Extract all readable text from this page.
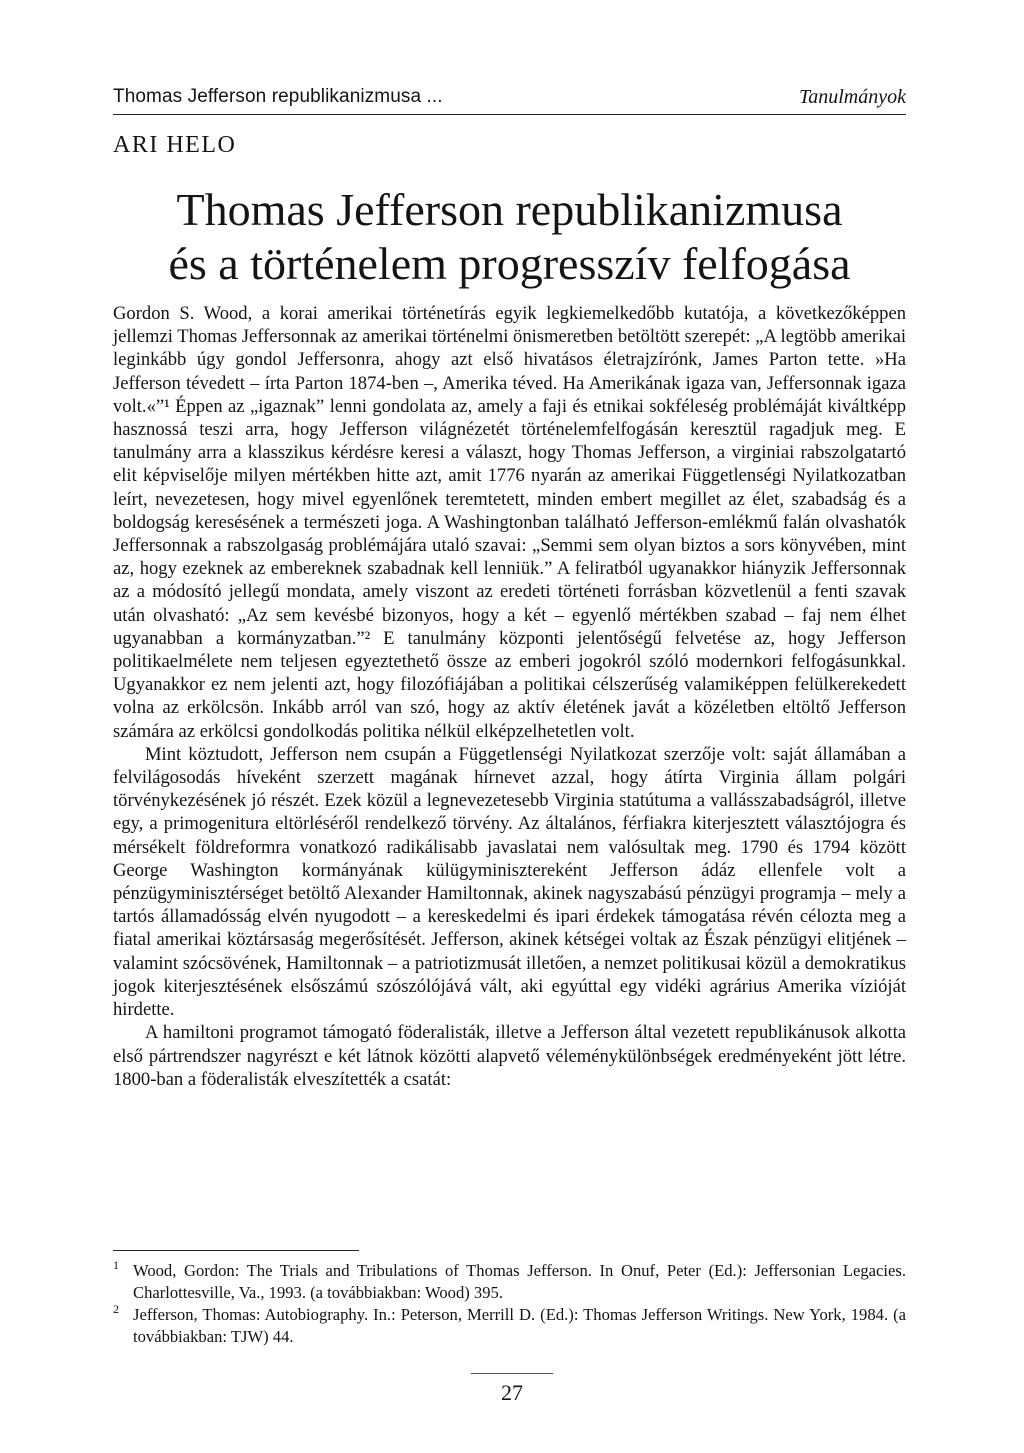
Thomas Jefferson republikanizmusa ...	Tanulmányok
ARI HELO
Thomas Jefferson republikanizmusa
és a történelem progresszív felfogása

Gordon S. Wood, a korai amerikai történetírás egyik legkiemelkedőbb kutatója, a következőképpen jellemzi Thomas Jeffersonnak az amerikai történelmi önismeretben betöltött szerepét: „A legtöbb amerikai leginkább úgy gondol Jeffersonra, ahogy azt első hivatásos életrajzírónk, James Parton tette. »Ha Jefferson tévedett – írta Parton 1874-ben –, Amerika téved. Ha Amerikának igaza van, Jeffersonnak igaza volt.«”¹ Éppen az „igaznak” lenni gondolata az, amely a faji és etnikai sokféleség problémáját kiváltképp hasznossá teszi arra, hogy Jefferson világnézetét történelemfelfogásán keresztül ragadjuk meg. E tanulmány arra a klasszikus kérdésre keresi a választ, hogy Thomas Jefferson, a virginiai rabszolgatartó elit képviselője milyen mértékben hitte azt, amit 1776 nyarán az amerikai Függetlenségi Nyilatkozatban leírt, nevezetesen, hogy mivel egyenlőnek teremtetett, minden embert megillet az élet, szabadság és a boldogság keresésének a természeti joga. A Washingtonban található Jefferson-emlékmű falán olvashatók Jeffersonnak a rabszolgaság problémájára utaló szavai: „Semmi sem olyan biztos a sors könyvében, mint az, hogy ezeknek az embereknek szabadnak kell lenniük.” A feliratból ugyanakkor hiányzik Jeffersonnak az a módosító jellegű mondata, amely viszont az eredeti történeti forrásban közvetlenül a fenti szavak után olvasható: „Az sem kevésbé bizonyos, hogy a két – egyenlő mértékben szabad – faj nem élhet ugyanabban a kormányzatban.”² E tanulmány központi jelentőségű felvetése az, hogy Jefferson politikaelmélete nem teljesen egyeztethető össze az emberi jogokról szóló modernkori felfogásunkkal. Ugyanakkor ez nem jelenti azt, hogy filozófiájában a politikai célszerűség valamiképpen felülkerekedett volna az erkölcsön. Inkább arról van szó, hogy az aktív életének javát a közéletben eltöltő Jefferson számára az erkölcsi gondolkodás politika nélkül elképzelhetetlen volt.

Mint köztudott, Jefferson nem csupán a Függetlenségi Nyilatkozat szerzője volt: saját államában a felvilágosodás híveként szerzett magának hírnevet azzal, hogy átírta Virginia állam polgári törvénykezésének jó részét. Ezek közül a legnevezetesebb Virginia statútuma a vallásszabadságról, illetve egy, a primogenitura eltörléséről rendelkező törvény. Az általános, férfiakra kiterjesztett választójogra és mérsékelt földreformra vonatkozó radikálisabb javaslatai nem valósultak meg. 1790 és 1794 között George Washington kormányának külügyminisztereként Jefferson ádáz ellenfele volt a pénzügyminisztérséget betöltő Alexander Hamiltonnak, akinek nagyszabású pénzügyi programja – mely a tartós államadósság elvén nyugodott – a kereskedelmi és ipari érdekek támogatása révén célozta meg a fiatal amerikai köztársaság megerősítését. Jefferson, akinek kétségei voltak az Észak pénzügyi elitjének – valamint szócsövének, Hamiltonnak – a patriotizmusát illetően, a nemzet politikusai közül a demokratikus jogok kiterjesztésének elsőszámú szószólójává vált, aki egyúttal egy vidéki agrárius Amerika vízióját hirdette.

A hamiltoni programot támogató föderalisták, illetve a Jefferson által vezetett republikánusok alkotta első pártrendszer nagyrészt e két látnok közötti alapvető véleménykülönbségek eredményeként jött létre. 1800-ban a föderalisták elveszítették a csatát:

1 Wood, Gordon: The Trials and Tribulations of Thomas Jefferson. In Onuf, Peter (Ed.): Jeffersonian Legacies. Charlottesville, Va., 1993. (a továbbiakban: Wood) 395.
2 Jefferson, Thomas: Autobiography. In.: Peterson, Merrill D. (Ed.): Thomas Jefferson Writings. New York, 1984. (a továbbiakban: TJW) 44.
27
